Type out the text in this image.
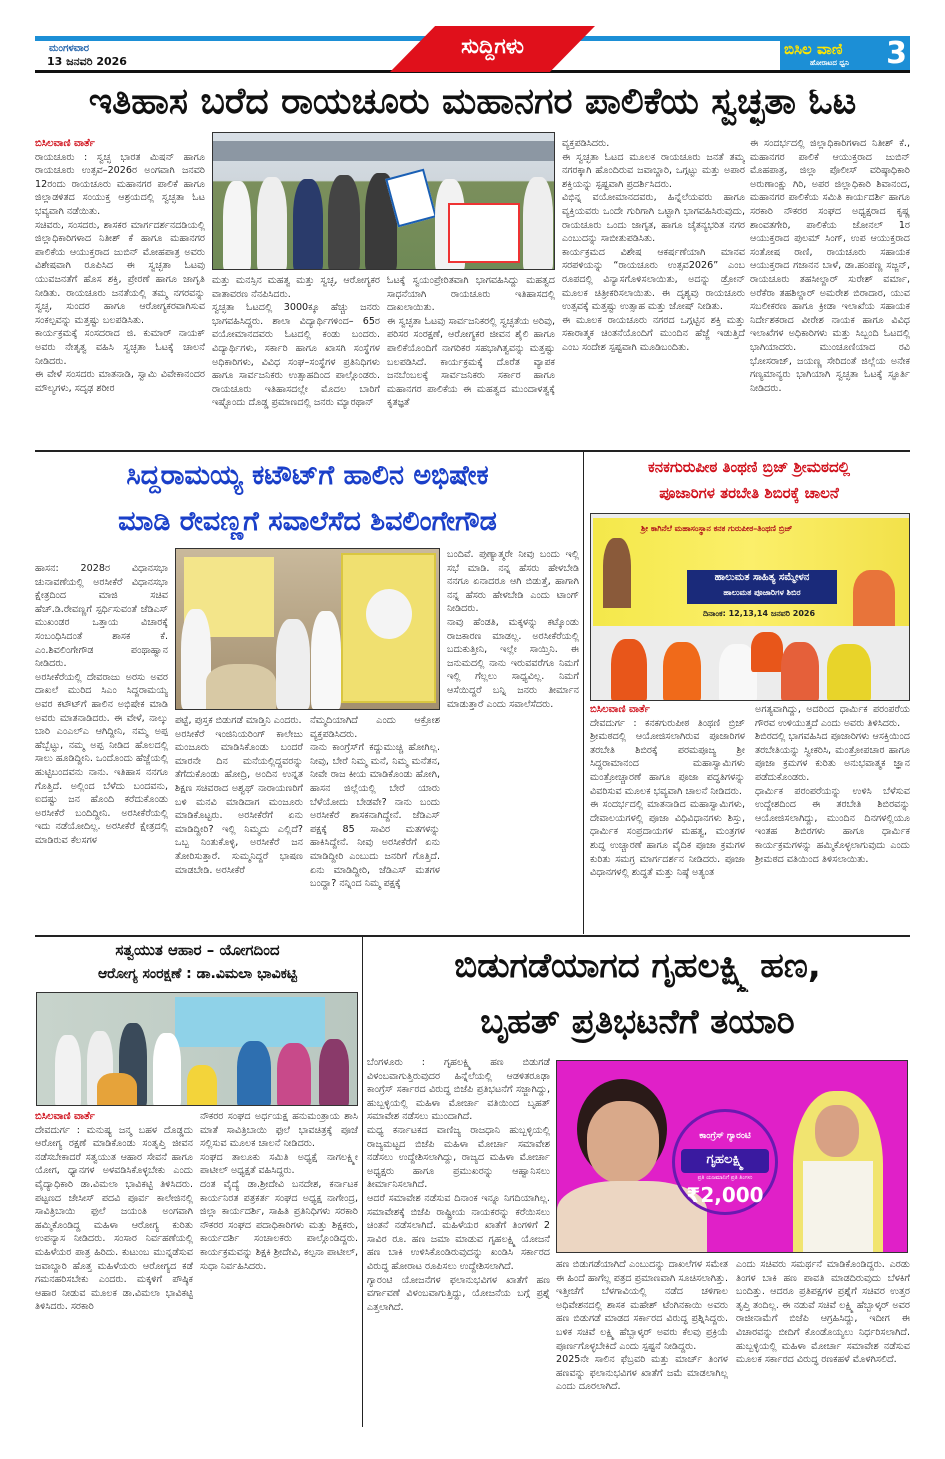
ಮಂಗಳವಾರ
13 ಜನವರಿ 2026
ಸುದ್ದಿಗಳು	ಬಿಸಿಲ ವಾಣಿ
ಹೋರಾಟದ ಧ್ವನಿ 3
ಇತಿಹಾಸ ಬರೆದ ರಾಯಚೂರು ಮಹಾನಗರ ಪಾಲಿಕೆಯ ಸ್ವಚ್ಛತಾ ಓಟ
ಬಿಸಿಲವಾಣಿ ವಾರ್ತೆ
ರಾಯಚೂರು : ಸ್ವಚ್ಛ ಭಾರತ ಮಿಷನ್ ಹಾಗೂ ರಾಯಚೂರು ಉತ್ಸವ–2026ರ ಅಂಗವಾಗಿ ಜನವರಿ 12ರಂದು ರಾಯಚೂರು ಮಹಾನಗರ ಪಾಲಿಕೆ ಹಾಗೂ ಜಿಲ್ಲಾಡಳಿತದ ಸಂಯುಕ್ತ ಆಶ್ರಯದಲ್ಲಿ ಸ್ವಚ್ಛತಾ ಓಟ ಭವ್ಯವಾಗಿ ನಡೆಯಿತು.
ಸಚಿವರು, ಸಂಸದರು, ಶಾಸಕರ ಮಾರ್ಗದರ್ಶನದಡಿಯಲ್ಲಿ ಜಿಲ್ಲಾಧಿಕಾರಿಗಳಾದ ನಿತೀಶ್ ಕೆ ಹಾಗೂ ಮಹಾನಗರ ಪಾಲಿಕೆಯ ಆಯುಕ್ತರಾದ ಜುಬಿನ್ ಮೋಹಪಾತ್ರ ಅವರು ವಿಶೇಷವಾಗಿ ರೂಪಿಸಿದ ಈ ಸ್ವಚ್ಛತಾ ಓಟವು ಯುವಜನತೆಗೆ ಹೊಸ ಶಕ್ತಿ, ಪ್ರೇರಣೆ ಹಾಗೂ ಜಾಗೃತಿ ನೀಡಿತು. ರಾಯಚೂರು ಜನತೆಯಲ್ಲಿ ತಮ್ಮ ನಗರವನ್ನು ಸ್ವಚ್ಛ, ಸುಂದರ ಹಾಗೂ ಆರೋಗ್ಯಕರವಾಗಿಸುವ ಸಂಕಲ್ಪವನ್ನು ಮತ್ತಷ್ಟು ಬಲಪಡಿಸಿತು.
ಕಾರ್ಯಕ್ರಮಕ್ಕೆ ಸಂಸದರಾದ ಜಿ. ಕುಮಾರ್ ನಾಯಕ್ ಅವರು ನೇತೃತ್ವ ವಹಿಸಿ ಸ್ವಚ್ಛತಾ ಓಟಕ್ಕೆ ಚಾಲನೆ ನೀಡಿದರು.
ಈ ವೇಳೆ ಸಂಸದರು ಮಾತನಾಡಿ, ಸ್ವಾಮಿ ವಿವೇಕಾನಂದರ ಮೌಲ್ಯಗಳು, ಸದೃಢ ಶರೀರ
ಮತ್ತು ಮನಸ್ಸಿನ ಮಹತ್ವ ಮತ್ತು ಸ್ವಚ್ಛ, ಆರೋಗ್ಯಕರ ವಾತಾವರಣ ನೆನಪಿಸಿದರು.
ಸ್ವಚ್ಛತಾ ಓಟದಲ್ಲಿ 3000ಕ್ಕೂ ಹೆಚ್ಚು ಜನರು ಭಾಗವಹಿಸಿದ್ದರು. ಶಾಲಾ ವಿದ್ಯಾರ್ಥಿಗಳಿಂದ– 65ರ ವಯೋಮಾನದವರು ಓಟದಲ್ಲಿ ಕಂಡು ಬಂದರು. ವಿದ್ಯಾರ್ಥಿಗಳು, ಸರ್ಕಾರಿ ಹಾಗೂ ಖಾಸಗಿ ಸಂಸ್ಥೆಗಳ ಅಧಿಕಾರಿಗಳು, ವಿವಿಧ ಸಂಘ–ಸಂಸ್ಥೆಗಳ ಪ್ರತಿನಿಧಿಗಳು ಹಾಗೂ ಸಾರ್ವಜನಿಕರು ಉತ್ಸಾಹದಿಂದ ಪಾಲ್ಗೊಂಡರು. ರಾಯಚೂರು ಇತಿಹಾಸದಲ್ಲೇ ಮೊದಲ ಬಾರಿಗೆ ಇಷ್ಟೊಂದು ದೊಡ್ಡ ಪ್ರಮಾಣದಲ್ಲಿ ಜನರು ಮ್ಯಾರಥಾನ್
ಓಟಕ್ಕೆ ಸ್ವಯಂಪ್ರೇರಿತವಾಗಿ ಭಾಗವಹಿಸಿದ್ದು ಮಹತ್ವದ ಸಾಧನೆಯಾಗಿ ರಾಯಚೂರು ಇತಿಹಾಸದಲ್ಲಿ ದಾಖಲಾಯಿತು.
ಈ ಸ್ವಚ್ಛತಾ ಓಟವು ಸಾರ್ವಜನಿಕರಲ್ಲಿ ಸ್ವಚ್ಛತೆಯ ಅರಿವು, ಪರಿಸರ ಸಂರಕ್ಷಣೆ, ಆರೋಗ್ಯಕರ ಜೀವನ ಶೈಲಿ ಹಾಗೂ ಪಾಲಿಕೆಯೊಂದಿಗೆ ನಾಗರಿಕರ ಸಹಭಾಗಿತ್ವವನ್ನು ಮತ್ತಷ್ಟು ಬಲಪಡಿಸಿದೆ. ಕಾರ್ಯಕ್ರಮಕ್ಕೆ ದೊರೆತ ವ್ಯಾಪಕ ಜನಬೆಂಬಲಕ್ಕೆ ಸಾರ್ವಜನಿಕರು ಸರ್ಕಾರ ಹಾಗೂ ಮಹಾನಗರ ಪಾಲಿಕೆಯ ಈ ಮಹತ್ವದ ಮುಂದಾಳತ್ವಕ್ಕೆ ಕೃತಜ್ಞತೆ
ವ್ಯಕ್ತಪಡಿಸಿದರು.
ಈ ಸ್ವಚ್ಛತಾ ಓಟದ ಮೂಲಕ ರಾಯಚೂರು ಜನತೆ ತಮ್ಮ ನಗರಕ್ಕಾಗಿ ಹೊಂದಿರುವ ಜವಾಬ್ದಾರಿ, ಒಗ್ಗಟ್ಟು ಮತ್ತು ಅಪಾರ ಶಕ್ತಿಯನ್ನು ಸ್ಪಷ್ಟವಾಗಿ ಪ್ರದರ್ಶಿಸಿದರು.
ವಿಭಿನ್ನ ವಯೋಮಾನದವರು, ಹಿನ್ನೆಲೆಯವರು ಹಾಗೂ ವ್ಯಕ್ತಿಯವರು ಒಂದೇ ಗುರಿಗಾಗಿ ಒಟ್ಟಾಗಿ ಭಾಗವಹಿಸಿರುವುದು, ರಾಯಚೂರು ಒಂದು ಜಾಗೃತ, ಹಾಗೂ ಚೈತನ್ಯಭರಿತ ನಗರ ಎಂಬುದನ್ನು ಸಾಬೀತುಪಡಿಸಿತು.
ಕಾರ್ಯಕ್ರಮದ ವಿಶೇಷ ಆಕರ್ಷಣೆಯಾಗಿ ಮಾನವ ಸರಪಳಿಯನ್ನು “ರಾಯಚೂರು ಉತ್ಸವ2026” ಎಂಬ ರೂಪದಲ್ಲಿ ವಿನ್ಯಾಸಗೊಳಿಸಲಾಯಿತು, ಅದನ್ನು ಡ್ರೋನ್ ಮೂಲಕ ಚಿತ್ರೀಕರಿಸಲಾಯಿತು. ಈ ದೃಶ್ಯವು ರಾಯಚೂರು ಉತ್ಸವಕ್ಕೆ ಮತ್ತಷ್ಟು ಉತ್ಸಾಹ ಮತ್ತು ಜೋಷ್ ನೀಡಿತು.
ಈ ಮೂಲಕ ರಾಯಚೂರು ನಗರದ ಒಗ್ಗಟ್ಟಿನ ಶಕ್ತಿ ಮತ್ತು ಸಕಾರಾತ್ಮಕ ಚಿಂತನೆಯೊಂದಿಗೆ ಮುಂದಿನ ಹೆಜ್ಜೆ ಇಡುತ್ತಿದೆ ಎಂಬ ಸಂದೇಶ ಸ್ಪಷ್ಟವಾಗಿ ಮೂಡಿಬಂದಿತು.
ಈ ಸಂದರ್ಭದಲ್ಲಿ ಜಿಲ್ಲಾಧಿಕಾರಿಗಳಾದ ನಿತೀಶ್ ಕೆ., ಮಹಾನಗರ ಪಾಲಿಕೆ ಆಯುಕ್ತರಾದ ಜುಬಿನ್ ಮೊಹಪಾತ್ರ, ಜಿಲ್ಲಾ ಪೊಲೀಸ್ ವರಿಷ್ಠಾಧಿಕಾರಿ ಅರುಣಾಂಕ್ಷು ಗಿರಿ, ಅಪರ ಜಿಲ್ಲಾಧಿಕಾರಿ ಶಿವಾನಂದ, ಮಹಾನಗರ ಪಾಲಿಕೆಯ ಸಮಿತಿ ಕಾರ್ಯದರ್ಶಿ ಹಾಗೂ ಸರಕಾರಿ ನೌಕರರ ಸಂಘದ ಅಧ್ಯಕ್ಷರಾದ ಕೃಷ್ಣ ಶಾಂವತಗೇರಿ, ಪಾಲಿಕೆಯ ಜೋನಲ್ 1ರ ಆಯುಕ್ತರಾದ ಪುಲಮ್ ಸಿಂಗ್, ಉಪ ಆಯುಕ್ತರಾದ ಸಂತೋಷ ರಾಣಿ, ರಾಯಚೂರು ಸಹಾಯಕ ಆಯುಕ್ತರಾದ ಗಜಾನನ ಬಾಳೆ, ಡಾ.ಹಂಪಣ್ಣ ಸಜ್ಜನ್, ರಾಯಚೂರು ತಹಸೀಲ್ದಾರ್ ಸುರೇಶ್ ವರ್ಮಾ, ಅರೆಕೆರಾ ತಹಶಿಲ್ದಾರ್ ಅಮರೇಶ ಬಿರಾದಾರ, ಯುವ ಸಬಲೀಕರಣ ಹಾಗೂ ಕ್ರೀಡಾ ಇಲಾಖೆಯ ಸಹಾಯಕ ನಿರ್ದೇಶಕರಾದ ವೀರೇಶ ನಾಯಕ ಹಾಗೂ ವಿವಿಧ ಇಲಾಖೆಗಳ ಅಧಿಕಾರಿಗಳು ಮತ್ತು ಸಿಬ್ಬಂದಿ ಓಟದಲ್ಲಿ ಭಾಗಿಯಾದರು. ಮುಂಚೂಣಿಯಾದ ರವಿ ಭೋಸರಾಜ್, ಜಯಣ್ಣ ಸೇರಿದಂತೆ ಜಿಲ್ಲೆಯ ಅನೇಕ ಗಣ್ಯಮಾನ್ಯರು ಭಾಗಿಯಾಗಿ ಸ್ವಚ್ಛತಾ ಓಟಕ್ಕೆ ಸ್ಫೂರ್ತಿ ನೀಡಿದರು.
ಸಿದ್ದರಾಮಯ್ಯ ಕಟೌಟ್‌ಗೆ ಹಾಲಿನ ಅಭಿಷೇಕ
ಮಾಡಿ ರೇವಣ್ಣಗೆ ಸವಾಲೆಸೆದ ಶಿವಲಿಂಗೇಗೌಡ
ಹಾಸನ: 2028ರ ವಿಧಾನಸಭಾ ಚುನಾವಣೆಯಲ್ಲಿ ಅರಸೀಕೆರೆ ವಿಧಾನಸಭಾ ಕ್ಷೇತ್ರದಿಂದ ಮಾಜಿ ಸಚಿವ ಹೆಚ್.ಡಿ.ರೇವಣ್ಣಗೆ ಸ್ಪರ್ಧಿಸುವಂತೆ ಜೆಡಿಎಸ್ ಮುಖಂಡರ ಒತ್ತಾಯ ವಿಚಾರಕ್ಕೆ ಸಂಬಂಧಿಸಿದಂತೆ ಶಾಸಕ ಕೆ. ಎಂ.ಶಿವಲಿಂಗೇಗೌಡ ಪಂಥಾಹ್ವಾನ ನೀಡಿದರು.
ಅರಸೀಕೆರೆಯಲ್ಲಿ ದೇವರಾಜು ಅರಸು ಅವರ ದಾಖಲೆ ಮುರಿದ ಸಿಎಂ ಸಿದ್ದರಾಮಯ್ಯ ಅವರ ಕಟೌಟ್‌ಗೆ ಹಾಲಿನ ಅಭಿಷೇಕ ಮಾಡಿ ಅವರು ಮಾತನಾಡಿದರು. ಈ ವೇಳೆ, ನಾಲ್ಕು ಬಾರಿ ಎಂಎಲ್‌ಎ ಆಗಿದ್ದೀನಿ, ನಮ್ಮ ಅಪ್ಪ ಹೆಬ್ಬೆಟ್ಟು, ನಮ್ಮ ಅಪ್ಪ ನೀಡಿದ ಹೊಲದಲ್ಲಿ ಸಾಲು ಹೂಡಿದ್ದೀನಿ. ಒಂದೊಂದು ಹೆಜ್ಜೆಯಲ್ಲಿ ಹುಟ್ಟಿಬಂದವನು ನಾನು. ಇತಿಹಾಸ ನನಗೂ ಗೊತ್ತಿದೆ. ಅಲ್ಲಿಂದ ಬೆಳೆದು ಬಂದವನು, ಐದಷ್ಟು ಜನ ಹೊಂದಿ ಕರೆದುಕೊಂಡು ಅರಸೀಕೆರೆ ಬಂದಿದ್ದೀನಿ. ಅರಸೀಕೆರೆಯಲ್ಲಿ ಇದು ನಡೆಯೋದಿಲ್ಲ. ಅರಸೀಕೆರೆ ಕ್ಷೇತ್ರದಲ್ಲಿ ಮಾಡಿರುವ ಕೆಲಸಗಳ
ಪಟ್ಟೆ, ಪುಸ್ತಕ ಬಿಡುಗಡೆ ಮಾಡ್ತಿನಿ ಎಂದರು.
ಅರಸೀಕೆರೆ ಇಂಜಿನಿಯರಿಂಗ್ ಕಾಲೇಜು ಮಂಜೂರು ಮಾಡಿಸಿಕೊಂಡು ಬಂದರೆ ಮಾರನೇ ದಿನ ಮನೆಯಲ್ಲಿದ್ದವರನ್ನು ತೆಗೆದುಕೊಂಡು ಹೋದ್ರಿ, ಅಂದಿನ ಉನ್ನತ ಶಿಕ್ಷಣ ಸಚಿವರಾದ ಅಶ್ವಥ್ ನಾರಾಯಣರಿಗೆ ಬಳಿ ಮನವಿ ಮಾಡಿದಾಗ ಮಂಜೂರು ಮಾಡಿಕೊಟ್ಟರು. ಅರಸೀಕೆರೆಗೆ ಏನು ಮಾಡಿದ್ದೀರಿ? ಇಲ್ಲಿ ನಿಮ್ಮದು ಎಲ್ಲಿದೆ? ಒಬ್ಬ ನಿಂತುಕೊಳ್ಳಿ, ಅರಸೀಕೆರೆ ಜನ ತೋರಿಸುತ್ತಾರೆ. ಸುಮ್ಮನಿದ್ದರೆ ಭಾಷಣ ಮಾಡಬೇಡಿ. ಅರಸೀಕೆರೆ
ನೆಮ್ಮದಿಯಾಗಿದೆ ಎಂದು ಆಕ್ರೋಶ ವ್ಯಕ್ತಪಡಿಸಿದರು.
ನಾನು ಕಾಂಗ್ರೆಸ್‌ಗೆ ಕದ್ದುಮುಚ್ಚಿ ಹೋಗಿಲ್ಲ. ನೀವು, ಬೇರೆ ನಿಮ್ಮ ಮನೆ, ನಿಮ್ಮ ಮನೆತನ, ನೀವೇ ರಾಜ ಕೀಯ ಮಾಡಿಕೊಂಡು ಹೋಗಿ, ಹಾಸನ ಜಿಲ್ಲೆಯಲ್ಲಿ ಬೇರೆ ಯಾರು ಬೆಳೆಯೋದು ಬೇಡವೇ? ನಾನು ಬಂದು ಅರಸೀಕೆರೆ ಶಾಸಕನಾಗಿದ್ದೇನೆ. ಜೆಡಿಎಸ್ ಪಕ್ಷಕ್ಕೆ 85 ಸಾವಿರ ಮತಗಳನ್ನು ಹಾಕಿಸಿದ್ದೇನೆ. ನೀವು ಅರಸೀಕೆರೆಗೆ ಏನು ಮಾಡಿದ್ದೀರಿ ಎಂಬುದು ಜನರಿಗೆ ಗೊತ್ತಿದೆ. ಏನು ಮಾಡಿದ್ದೀರಿ, ಜೆಡಿಎಸ್ ಮತಗಳ ಬಂದ್ದಾ? ನನ್ನಿಂದ ನಿಮ್ಮ ಪಕ್ಷಕ್ಕೆ
ಬಂದಿವೆ. ಪುಣ್ಯಾತ್ಮರೇ ನೀವು ಬಂದು ಇಲ್ಲಿ ಸಭೆ ಮಾಡಿ. ನನ್ನ ಹೆಸರು ಹೇಳಬೇಡಿ ನನಗೂ ಏನಾದರೂ ಆಗಿ ಬಿಡುತ್ತೆ, ಹಾಗಾಗಿ ನನ್ನ ಹೆಸರು ಹೇಳಬೇಡಿ ಎಂದು ಟಾಂಗ್ ನೀಡಿದರು.
ನಾವು ಹೆಂಡತಿ, ಮಕ್ಕಳನ್ನು ಕಟ್ಕೊಂಡು ರಾಜಕಾರಣ ಮಾಡಲ್ಲ. ಅರಸೀಕೆರೆಯಲ್ಲಿ ಬದುಕುತ್ತೀನಿ, ಇಲ್ಲೇ ಸಾಯ್ತಿನಿ. ಈ ಜನುಮದಲ್ಲಿ ನಾನು ಇರುವವರೆಗೂ ನಿಮಗೆ ಇಲ್ಲಿ ಗೆಲ್ಲಲು ಸಾಧ್ಯವಿಲ್ಲ. ನಿಮಗೆ ಆಸೆಯಿದ್ದರೆ ಬನ್ನಿ ಜನರು ತೀರ್ಮಾನ ಮಾಡುತ್ತಾರೆ ಎಂದು ಸವಾಲೆಸೆದರು.
ಕನಕಗುರುಪೀಠ ತಿಂಥಣಿ ಬ್ರಿಜ್ ಶ್ರೀಮಠದಲ್ಲಿ
ಪೂಜಾರಿಗಳ ತರಬೇತಿ ಶಿಬಿರಕ್ಕೆ ಚಾಲನೆ
ಶ್ರೀ ಕಾಗಿನೆಲೆ ಮಹಾಸಂಸ್ಥಾನ ಕನಕ ಗುರುಪೀಠ–ತಿಂಥಣಿ ಬ್ರಿಜ್
ಹಾಲುಮತ ಸಾಹಿತ್ಯ ಸಮ್ಮೇಳನ
ಹಾಲುಮತ ಪೂಜಾರಿಗಳ ಶಿಬಿರ
ದಿನಾಂಕ: 12,13,14 ಜನವರಿ 2026
ಬಿಸಿಲವಾಣಿ ವಾರ್ತೆ
ದೇವದುರ್ಗ : ಕನಕಗುರುಪೀಠ ತಿಂಥಣಿ ಬ್ರಿಜ್ ಶ್ರೀಮಠದಲ್ಲಿ ಆಯೋಜಿಸಲಾಗಿರುವ ಪೂಜಾರಿಗಳ ತರಬೇತಿ ಶಿಬಿರಕ್ಕೆ ಪರಮಪೂಜ್ಯ ಶ್ರೀ ಸಿದ್ದರಾಮಾನಂದ ಮಹಾಸ್ವಾಮಿಗಳು ಮಂತ್ರೋಚ್ಚಾರಣೆ ಹಾಗೂ ಪೂಜಾ ಪದ್ಧತಿಗಳನ್ನು ವಿವರಿಸುವ ಮೂಲಕ ಭವ್ಯವಾಗಿ ಚಾಲನೆ ನೀಡಿದರು.
ಈ ಸಂದರ್ಭದಲ್ಲಿ ಮಾತನಾಡಿದ ಮಹಾಸ್ವಾಮಿಗಳು, ದೇವಾಲಯಗಳಲ್ಲಿ ಪೂಜಾ ವಿಧಿವಿಧಾನಗಳು ಶಿಸ್ತು, ಧಾರ್ಮಿಕ ಸಂಪ್ರದಾಯಗಳ ಮಹತ್ವ, ಮಂತ್ರಗಳ ಶುದ್ಧ ಉಚ್ಚಾರಣೆ ಹಾಗೂ ವೈದಿಕ ಪೂಜಾ ಕ್ರಮಗಳ ಕುರಿತು ಸಮಗ್ರ ಮಾರ್ಗದರ್ಶನ ನೀಡಿದರು. ಪೂಜಾ ವಿಧಾನಗಳಲ್ಲಿ ಶುದ್ಧತೆ ಮತ್ತು ನಿಷ್ಠೆ ಅತ್ಯಂತ
ಅಗತ್ಯವಾಗಿದ್ದು, ಅದರಿಂದ ಧಾರ್ಮಿಕ ಪರಂಪರೆಯ ಗೌರವ ಉಳಿಯುತ್ತದೆ ಎಂದು ಅವರು ತಿಳಿಸಿದರು.
ಶಿಬಿರದಲ್ಲಿ ಭಾಗವಹಿಸಿದ ಪೂಜಾರಿಗಳು ಆಸಕ್ತಿಯಿಂದ ತರಬೇತಿಯನ್ನು ಸ್ವೀಕರಿಸಿ, ಮಂತ್ರೋಪಚಾರ ಹಾಗೂ ಪೂಜಾ ಕ್ರಮಗಳ ಕುರಿತು ಅನುಭವಾತ್ಮಕ ಜ್ಞಾನ ಪಡೆದುಕೊಂಡರು.
ಧಾರ್ಮಿಕ ಪರಂಪರೆಯನ್ನು ಉಳಿಸಿ ಬೆಳೆಸುವ ಉದ್ದೇಶದಿಂದ ಈ ತರಬೇತಿ ಶಿಬಿರವನ್ನು ಆಯೋಜಿಸಲಾಗಿದ್ದು, ಮುಂದಿನ ದಿನಗಳಲ್ಲಿಯೂ ಇಂತಹ ಶಿಬಿರಗಳು ಹಾಗೂ ಧಾರ್ಮಿಕ ಕಾರ್ಯಕ್ರಮಗಳನ್ನು ಹಮ್ಮಿಕೊಳ್ಳಲಾಗುವುದು ಎಂದು ಶ್ರೀಮಠದ ವತಿಯಿಂದ ತಿಳಿಸಲಾಯಿತು.
ಸತ್ವಯುತ ಆಹಾರ – ಯೋಗದಿಂದ
ಆರೋಗ್ಯ ಸಂರಕ್ಷಣೆ : ಡಾ.ವಿಮಲಾ ಭಾವಿಕಟ್ಟಿ
ಬಿಸಿಲವಾಣಿ ವಾರ್ತೆ
ದೇವದುರ್ಗ : ಮನುಷ್ಯ ಜನ್ಮ ಬಹಳ ದೊಡ್ಡದು ಆರೋಗ್ಯ ರಕ್ಷಣೆ ಮಾಡಿಕೊಂಡು ಸಂತೃಪ್ತಿ ಜೀವನ ನಡೆಸಬೇಕಾದರೆ ಸತ್ವಯುತ ಆಹಾರ ಸೇವನೆ ಹಾಗೂ ಯೋಗ, ಧ್ಯಾನಗಳ ಅಳವಡಿಸಿಕೊಳ್ಳಬೇಕು ಎಂದು ವೈದ್ಯಾಧಿಕಾರಿ ಡಾ.ವಿಮಲಾ ಭಾವಿಕಟ್ಟಿ ತಿಳಿಸಿದರು. ಪಟ್ಟಣದ ಜೇಸೀಸ್ ಪದವಿ ಪೂರ್ವ ಕಾಲೇಜಿನಲ್ಲಿ ಸಾವಿತ್ರಿಬಾಯಿ ಫುಲೆ ಜಯಂತಿ ಅಂಗವಾಗಿ ಹಮ್ಮಿಕೊಂಡಿದ್ದ ಮಹಿಳಾ ಆರೋಗ್ಯ ಕುರಿತು ಉಪನ್ಯಾಸ ನೀಡಿದರು. ಸಂಸಾರ ನಿರ್ವಹಣೆಯಲ್ಲಿ ಮಹಿಳೆಯರ ಪಾತ್ರ ಹಿರಿದು. ಕುಟುಂಬ ಮುನ್ನಡೆಸುವ ಜವಾಬ್ದಾರಿ ಹೊತ್ತ ಮಹಿಳೆಯರು ಆರೋಗ್ಯದ ಕಡೆ ಗಮನಹರಿಸಬೇಕು ಎಂದರು. ಮಕ್ಕಳಿಗೆ ಪೌಷ್ಠಿಕ ಆಹಾರ ನೀಡುವ ಮೂಲಕ ಡಾ.ವಿಮಲಾ ಭಾವಿಕಟ್ಟಿ ತಿಳಿಸಿದರು. ಸರಕಾರಿ
ನೌಕರರ ಸಂಘದ ಅರ್ಧಯಕ್ಷ ಹನುಮಂತ್ರಾಯ ಶಾಸಿ ಮಾತೆ ಸಾವಿತ್ರಿಬಾಯಿ ಫುಲೆ ಭಾವಚಿತ್ರಕ್ಕೆ ಪೂಜೆ ಸಲ್ಲಿಸುವ ಮೂಲಕ ಚಾಲನೆ ನೀಡಿದರು.
ಸಂಘದ ತಾಲೂಕು ಸಮಿತಿ ಅಧ್ಯಕ್ಷೆ ನಾಗಲಕ್ಷ್ಮೀ ಪಾಟೀಲ್ ಅಧ್ಯಕ್ಷತೆ ವಹಿಸಿದ್ದರು.
ದಂತ ವೈದ್ಯೆ ಡಾ.ಶ್ರೀದೇವಿ ಬನದೇಶ, ಕರ್ನಾಟಕ ಕಾರ್ಯನಿರತ ಪತ್ರಕರ್ತ ಸಂಘದ ಅಧ್ಯಕ್ಷ ನಾಗೇಂದ್ರ, ಜಿಲ್ಲಾ ಕಾರ್ಯದರ್ಶಿ, ಸಾಹಿತಿ ಪ್ರತಿನಿಧಿಗಳು ಸರಕಾರಿ ನೌಕರರ ಸಂಘದ ಪದಾಧಿಕಾರಿಗಳು ಮತ್ತು ಶಿಕ್ಷಕರು, ಕಾರ್ಯದರ್ಶಿ ಸಂಚಾಲಕರು ಪಾಲ್ಗೊಂಡಿದ್ದರು. ಕಾರ್ಯಕ್ರಮವನ್ನು ಶಿಕ್ಷಕಿ ಶ್ರೀದೇವಿ, ಕಲ್ಪನಾ ಪಾಟೀಲ್, ಸುಧಾ ನಿರ್ವಹಿಸಿದರು.
ಬಿಡುಗಡೆಯಾಗದ ಗೃಹಲಕ್ಷ್ಮಿ ಹಣ,
ಬೃಹತ್ ಪ್ರತಿಭಟನೆಗೆ ತಯಾರಿ
ಬೆಂಗಳೂರು : ಗೃಹಲಕ್ಷ್ಮಿ ಹಣ ಬಿಡುಗಡೆ ವಿಳಂಬವಾಗುತ್ತಿರುವುದರ ಹಿನ್ನೆಲೆಯಲ್ಲಿ ಆಡಳಿತರೂಢಾ ಕಾಂಗ್ರೆಸ್ ಸರ್ಕಾರದ ವಿರುದ್ಧ ಬಿಜೆಪಿ ಪ್ರತಿಭಟನೆಗೆ ಸಜ್ಜಾಗಿದ್ದು, ಹುಬ್ಬಳ್ಳಿಯಲ್ಲಿ ಮಹಿಳಾ ಮೋರ್ಚಾ ವತಿಯಿಂದ ಬೃಹತ್ ಸಮಾವೇಶ ನಡೆಸಲು ಮುಂದಾಗಿದೆ.
ಮಧ್ಯ ಕರ್ನಾಟಕದ ವಾಣಿಜ್ಯ ರಾಜಧಾನಿ ಹುಬ್ಬಳ್ಳಿಯಲ್ಲಿ ರಾಜ್ಯಮಟ್ಟದ ಬಿಜೆಪಿ ಮಹಿಳಾ ಮೋರ್ಚಾ ಸಮಾವೇಶ ನಡೆಸಲು ಉದ್ದೇಶಿಸಲಾಗಿದ್ದು, ರಾಜ್ಯದ ಮಹಿಳಾ ಮೋರ್ಚಾ ಅಧ್ಯಕ್ಷರು ಹಾಗೂ ಪ್ರಮುಖರನ್ನು ಆಹ್ವಾನಿಸಲು ತೀರ್ಮಾನಿಸಲಾಗಿದೆ.
ಆದರೆ ಸಮಾವೇಶ ನಡೆಸುವ ದಿನಾಂಕ ಇನ್ನೂ ನಿಗದಿಯಾಗಿಲ್ಲ. ಸಮಾವೇಶಕ್ಕೆ ಬಿಜೆಪಿ ರಾಷ್ಟ್ರೀಯ ನಾಯಕರನ್ನು ಕರೆಯಿಸಲು ಚಿಂತನೆ ನಡೆಸಲಾಗಿದೆ. ಮಹಿಳೆಯರ ಖಾತೆಗೆ ತಿಂಗಳಿಗೆ 2 ಸಾವಿರ ರೂ. ಹಣ ಜಮಾ ಮಾಡುವ ಗೃಹಲಕ್ಷ್ಮಿ ಯೋಜನೆ ಹಣ ಬಾಕಿ ಉಳಿಸಿಕೊಂಡಿರುವುದನ್ನು ಖಂಡಿಸಿ ಸರ್ಕಾರದ ವಿರುದ್ಧ ಹೋರಾಟ ರೂಪಿಸಲು ಉದ್ದೇಶಿಸಲಾಗಿದೆ.
ಗ್ಯಾರಂಟಿ ಯೋಜನೆಗಳ ಫಲಾನುಭವಿಗಳ ಖಾತೆಗೆ ಹಣ ವರ್ಗಾವಣೆ ವಿಳಂಬವಾಗುತ್ತಿದ್ದು, ಯೋಜನೆಯ ಬಗ್ಗೆ ಪ್ರಶ್ನೆ ಎತ್ತಲಾಗಿದೆ.
ಕಾಂಗ್ರೆಸ್ ಗ್ಯಾರಂಟಿ
ಗೃಹಲಕ್ಷ್ಮಿ
ಪ್ರತಿ ಯಜಮಾನಿಗೆ ಪ್ರತಿ ತಿಂಗಳು
₹2,000
ಹಣ ಬಿಡುಗಡೆಯಾಗಿದೆ ಎಂಬುದನ್ನು ದಾಖಲೆಗಳ ಸಮೇತ ಈ ಹಿಂದೆ ಹಾಗೆಲ್ಲ ಪತ್ರದ ಪ್ರಮಾಣವಾಗಿ ಸೂಚಿಸಲಾಗಿತ್ತು. ಇತ್ತೀಚೆಗೆ ಬೆಳಗಾವಿಯಲ್ಲಿ ನಡೆದ ಚಳಿಗಾಲ ಅಧಿವೇಶನದಲ್ಲಿ ಶಾಸಕ ಮಹೇಶ್ ಟೆಂಗಿನಕಾಯಿ ಅವರು ಹಣ ಬಿಡುಗಡೆ ಮಾಡದ ಸರ್ಕಾರದ ವಿರುದ್ಧ ಪ್ರಶ್ನಿಸಿದ್ದರು. ಬಳಿಕ ಸಚಿವೆ ಲಕ್ಷ್ಮಿ ಹೆಬ್ಬಾಳ್ಕರ್ ಅವರು ಕೆಲವು ಪ್ರಕ್ರಿಯೆ ಪೂರ್ಣಗೊಳ್ಳಬೇಕಿದೆ ಎಂದು ಸ್ಪಷ್ಟನೆ ನೀಡಿದ್ದರು.
2025ನೇ ಸಾಲಿನ ಫೆಬ್ರವರಿ ಮತ್ತು ಮಾರ್ಚ್ ತಿಂಗಳ ಹಣವನ್ನು ಫಲಾನುಭವಿಗಳ ಖಾತೆಗೆ ಜಮೆ ಮಾಡಲಾಗಿಲ್ಲ ಎಂದು ದೂರಲಾಗಿದೆ.
ಎಂದು ಸಚಿವರು ಸಮರ್ಥನೆ ಮಾಡಿಕೊಂಡಿದ್ದರು. ಎರಡು ತಿಂಗಳ ಬಾಕಿ ಹಣ ಪಾವತಿ ಮಾಡದಿರುವುದು ಬೆಳಕಿಗೆ ಬಂದಿತ್ತು. ಆದರೂ ಪ್ರತಿಪಕ್ಷಗಳ ಪ್ರಶ್ನೆಗೆ ಸಚಿವರ ಉತ್ತರ ತೃಪ್ತಿ ತಂದಿಲ್ಲ. ಈ ನಡುವೆ ಸಚಿವೆ ಲಕ್ಷ್ಮಿ ಹೆಬ್ಬಾಳ್ಕರ್ ಅವರ ರಾಜೀನಾಮೆಗೆ ಬಿಜೆಪಿ ಆಗ್ರಹಿಸಿದ್ದು, ಇದೀಗ ಈ ವಿಚಾರವನ್ನು ಬೀದಿಗೆ ಕೊಂಡೊಯ್ಯಲು ನಿರ್ಧರಿಸಲಾಗಿದೆ. ಹುಬ್ಬಳ್ಳಿಯಲ್ಲಿ ಮಹಿಳಾ ಮೋರ್ಚಾ ಸಮಾವೇಶ ನಡೆಸುವ ಮೂಲಕ ಸರ್ಕಾರದ ವಿರುದ್ಧ ರಣಕಹಳೆ ಮೊಳಗಿಸಲಿದೆ.
